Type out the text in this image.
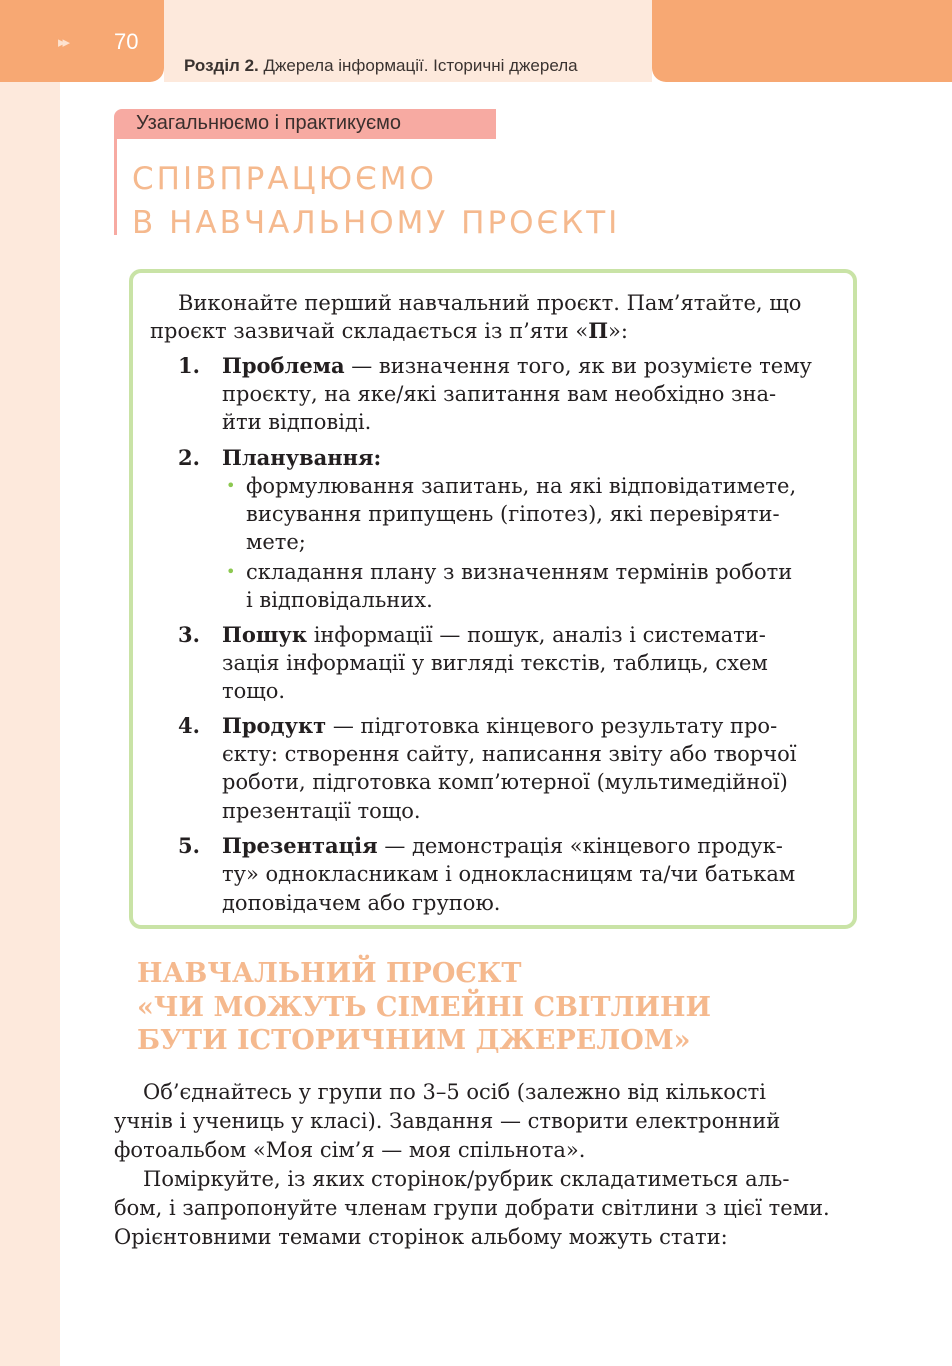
▸▸ 70
Розділ 2. Джерела інформації. Історичні джерела
Узагальнюємо і практикуємо
СПІВПРАЦЮЄМО
В НАВЧАЛЬНОМУ ПРОЄКТІ
Виконайте перший навчальний проєкт. Пам’ятайте, що
проєкт зазвичай складається із п’яти «П»:
1. Проблема — визначення того, як ви розумієте тему
проєкту, на яке/які запитання вам необхідно зна-
йти відповіді.
2. Планування:
• формулювання запитань, на які відповідатимете,
висування припущень (гіпотез), які перевіряти-
мете;
• складання плану з визначенням термінів роботи
і відповідальних.
3. Пошук інформації — пошук, аналіз і системати-
зація інформації у вигляді текстів, таблиць, схем
тощо.
4. Продукт — підготовка кінцевого результату про-
єкту: створення сайту, написання звіту або творчої
роботи, підготовка комп’ютерної (мультимедійної)
презентації тощо.
5. Презентація — демонстрація «кінцевого продук-
ту» однокласникам і однокласницям та/чи батькам
доповідачем або групою.
НАВЧАЛЬНИЙ ПРОЄКТ
«ЧИ МОЖУТЬ СІМЕЙНІ СВІТЛИНИ
БУТИ ІСТОРИЧНИМ ДЖЕРЕЛОМ»
Об’єднайтесь у групи по 3–5 осіб (залежно від кількості
учнів і учениць у класі). Завдання — створити електронний
фотоальбом «Моя сім’я — моя спільнота».
Поміркуйте, із яких сторінок/рубрик складатиметься аль-
бом, і запропонуйте членам групи добрати світлини з цієї теми.
Орієнтовними темами сторінок альбому можуть стати:
